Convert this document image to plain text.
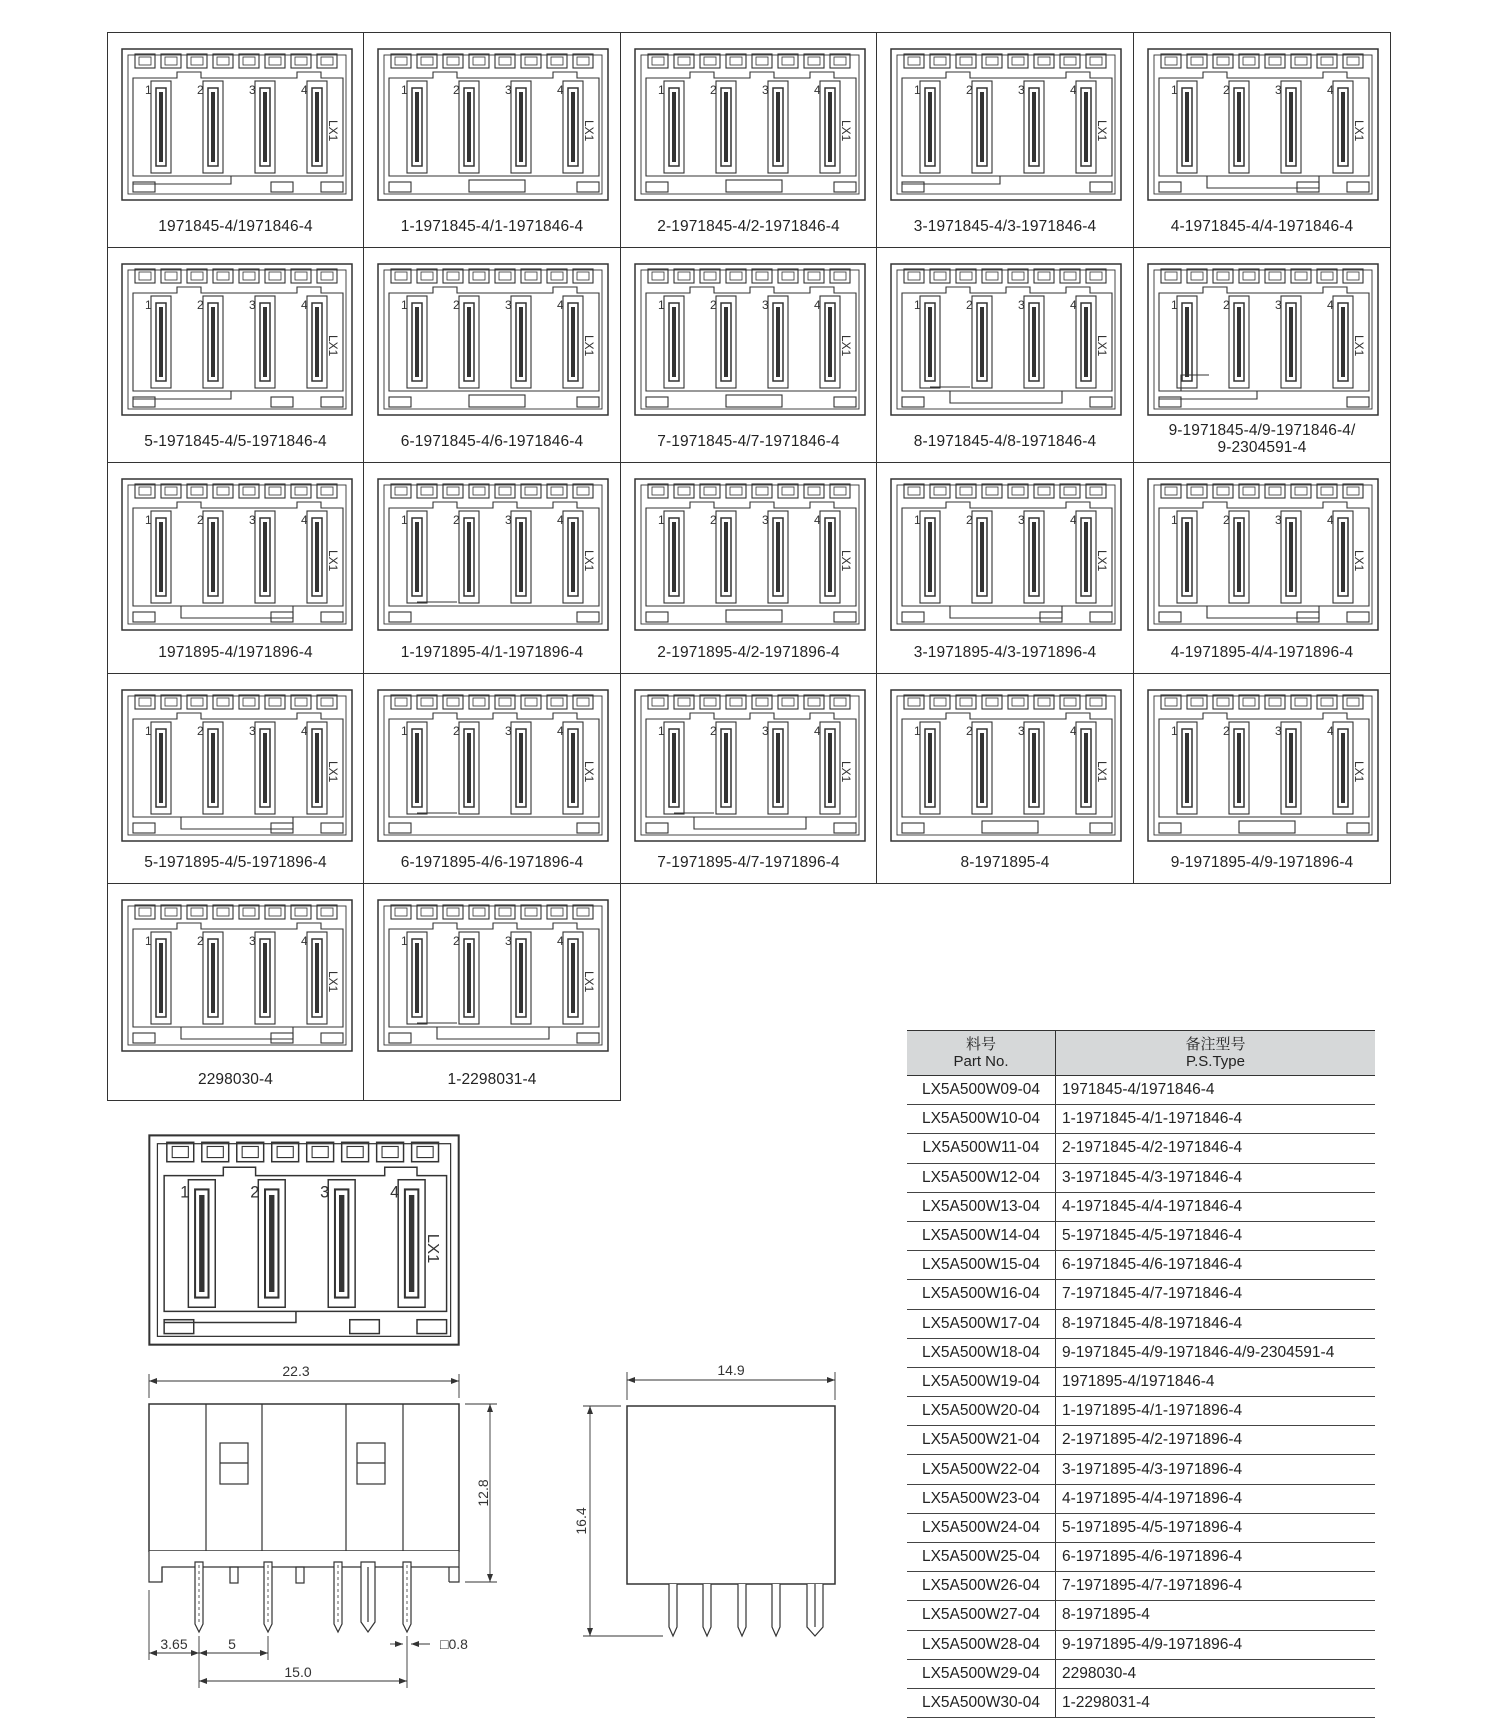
1	2	3	4
LX1
1971845-4/1971846-4
1	2	3	4
LX1
1-1971845-4/1-1971846-4
1	2	3	4
LX1
2-1971845-4/2-1971846-4
1	2	3	4
LX1
3-1971845-4/3-1971846-4
1	2	3	4
LX1
4-1971845-4/4-1971846-4
1	2	3	4
LX1
5-1971845-4/5-1971846-4
1	2	3	4
LX1
6-1971845-4/6-1971846-4
1	2	3	4
LX1
7-1971845-4/7-1971846-4
1	2	3	4
LX1
8-1971845-4/8-1971846-4
1	2	3	4
LX1
9-1971845-4/9-1971846-4/
9-2304591-4
1	2	3	4
LX1
1971895-4/1971896-4
1	2	3	4
LX1
1-1971895-4/1-1971896-4
1	2	3	4
LX1
2-1971895-4/2-1971896-4
1	2	3	4
LX1
3-1971895-4/3-1971896-4
1	2	3	4
LX1
4-1971895-4/4-1971896-4
1	2	3	4
LX1
5-1971895-4/5-1971896-4
1	2	3	4
LX1
6-1971895-4/6-1971896-4
1	2	3	4
LX1
7-1971895-4/7-1971896-4
1	2	3	4
LX1
8-1971895-4
1	2	3	4
LX1
9-1971895-4/9-1971896-4
1	2	3	4
LX1
2298030-4
1	2	3	4
LX1
1-2298031-4
1	2	3	4
LX1
22.3
12.8
3.65	5
15.0
□0.8
14.9
16.4
料号
Part No.
备注型号
P.S.Type
LX5A500W09-04	1971845-4/1971846-4
LX5A500W10-04	1-1971845-4/1-1971846-4
LX5A500W11-04	2-1971845-4/2-1971846-4
LX5A500W12-04	3-1971845-4/3-1971846-4
LX5A500W13-04	4-1971845-4/4-1971846-4
LX5A500W14-04	5-1971845-4/5-1971846-4
LX5A500W15-04	6-1971845-4/6-1971846-4
LX5A500W16-04	7-1971845-4/7-1971846-4
LX5A500W17-04	8-1971845-4/8-1971846-4
LX5A500W18-04	9-1971845-4/9-1971846-4/9-2304591-4
LX5A500W19-04	1971895-4/1971846-4
LX5A500W20-04	1-1971895-4/1-1971896-4
LX5A500W21-04	2-1971895-4/2-1971896-4
LX5A500W22-04	3-1971895-4/3-1971896-4
LX5A500W23-04	4-1971895-4/4-1971896-4
LX5A500W24-04	5-1971895-4/5-1971896-4
LX5A500W25-04	6-1971895-4/6-1971896-4
LX5A500W26-04	7-1971895-4/7-1971896-4
LX5A500W27-04	8-1971895-4
LX5A500W28-04	9-1971895-4/9-1971896-4
LX5A500W29-04	2298030-4
LX5A500W30-04	1-2298031-4
